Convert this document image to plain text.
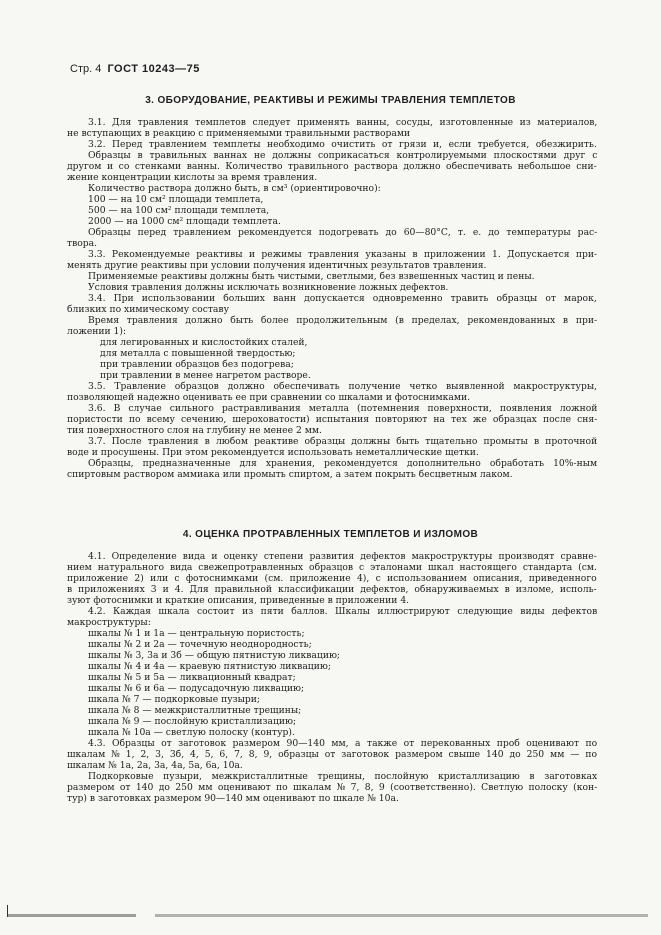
Стр. 4 ГОСТ 10243—75
3. ОБОРУДОВАНИЕ, РЕАКТИВЫ И РЕЖИМЫ ТРАВЛЕНИЯ ТЕМПЛЕТОВ
3.1. Для травления темплетов следует применять ванны, сосуды, изготовленные из материалов,
не вступающих в реакцию с применяемыми травильными растворами
3.2. Перед травлением темплеты необходимо очистить от грязи и, если требуется, обезжирить.
Образцы в травильных ваннах не должны соприкасаться контролируемыми плоскостями друг с
другом и со стенками ванны. Количество травильного раствора должно обеспечивать небольшое сни-
жение концентрации кислоты за время травления.
Количество раствора должно быть, в см³ (ориентировочно):
100 — на 10 см² площади темплета,
500 — на 100 см² площади темплета,
2000 — на 1000 см² площади темплета.
Образцы перед травлением рекомендуется подогревать до 60—80°С, т. е. до температуры рас-
твора.
3.3. Рекомендуемые реактивы и режимы травления указаны в приложении 1. Допускается при-
менять другие реактивы при условии получения идентичных результатов травления.
Применяемые реактивы должны быть чистыми, светлыми, без взвешенных частиц и пены.
Условия травления должны исключать возникновение ложных дефектов.
3.4. При использовании больших ванн допускается одновременно травить образцы от марок,
близких по химическому составу
Время травления должно быть более продолжительным (в пределах, рекомендованных в при-
ложении 1):
для легированных и кислостойких сталей,
для металла с повышенной твердостью;
при травлении образцов без подогрева;
при травлении в менее нагретом растворе.
3.5. Травление образцов должно обеспечивать получение четко выявленной макроструктуры,
позволяющей надежно оценивать ее при сравнении со шкалами и фотоснимками.
3.6. В случае сильного растравливания металла (потемнения поверхности, появления ложной
пористости по всему сечению, шероховатости) испытания повторяют на тех же образцах после сня-
тия поверхностного слоя на глубину не менее 2 мм.
3.7. После травления в любом реактиве образцы должны быть тщательно промыты в проточной
воде и просушены. При этом рекомендуется использовать неметаллические щетки.
Образцы, предназначенные для хранения, рекомендуется дополнительно обработать 10%-ным
спиртовым раствором аммиака или промыть спиртом, а затем покрыть бесцветным лаком.
4. ОЦЕНКА ПРОТРАВЛЕННЫХ ТЕМПЛЕТОВ И ИЗЛОМОВ
4.1. Определение вида и оценку степени развития дефектов макроструктуры производят сравне-
нием натурального вида свежепротравленных образцов с эталонами шкал настоящего стандарта (см.
приложение 2) или с фотоснимками (см. приложение 4), с использованием описания, приведенного
в приложениях 3 и 4. Для правильной классификации дефектов, обнаруживаемых в изломе, исполь-
зуют фотоснимки и краткие описания, приведенные в приложении 4.
4.2. Каждая шкала состоит из пяти баллов. Шкалы иллюстрируют следующие виды дефектов
макроструктуры:
шкалы № 1 и 1а — центральную пористость;
шкалы № 2 и 2а — точечную неоднородность;
шкалы № 3, 3а и 3б — общую пятнистую ликвацию;
шкалы № 4 и 4а — краевую пятнистую ликвацию;
шкалы № 5 и 5а — ликвационный квадрат;
шкалы № 6 и 6а — подусадочную ликвацию;
шкала № 7 — подкорковые пузыри;
шкала № 8 — межкристаллитные трещины;
шкала № 9 — послойную кристаллизацию;
шкала № 10а — светлую полоску (контур).
4.3. Образцы от заготовок размером 90—140 мм, а также от перекованных проб оценивают по
шкалам № 1, 2, 3, 3б, 4, 5, 6, 7, 8, 9, образцы от заготовок размером свыше 140 до 250 мм — по
шкалам № 1а, 2а, 3а, 4а, 5а, 6а, 10а.
Подкорковые пузыри, межкристаллитные трещины, послойную кристаллизацию в заготовках
размером от 140 до 250 мм оценивают по шкалам № 7, 8, 9 (соответственно). Светлую полоску (кон-
тур) в заготовках размером 90—140 мм оценивают по шкале № 10а.
